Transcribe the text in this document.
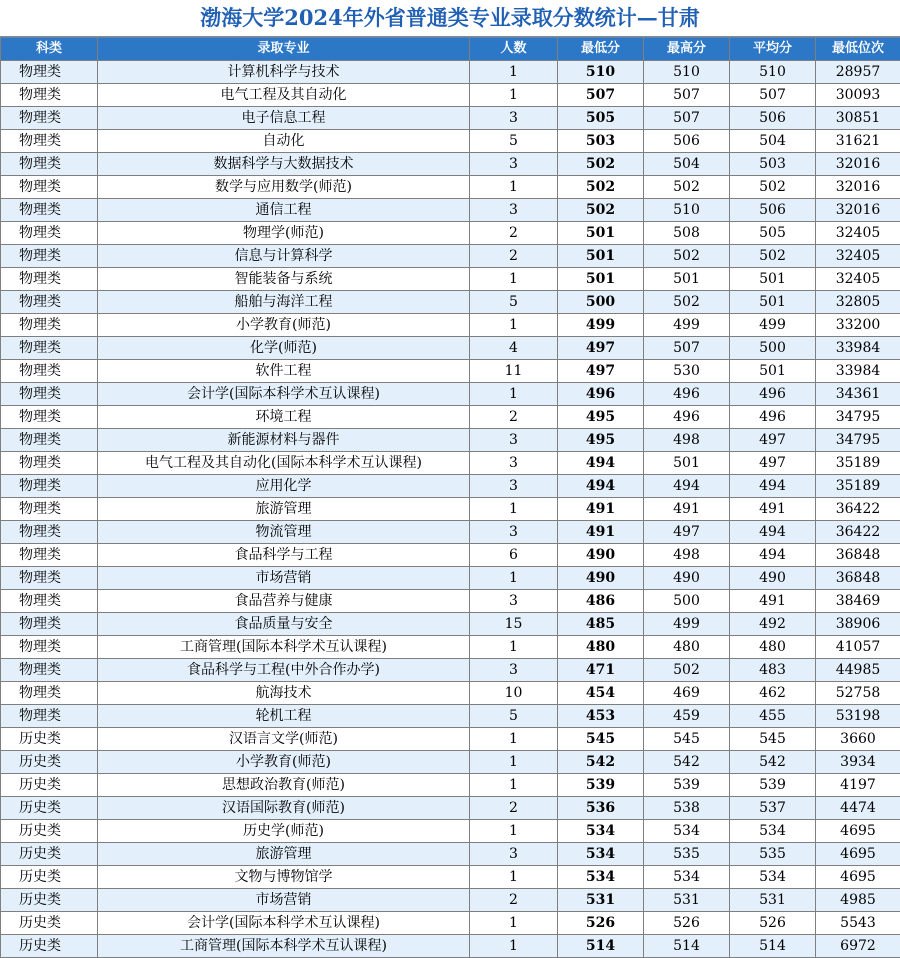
渤海大学2024年外省普通类专业录取分数统计—甘肃
科类	录取专业	人数	最低分	最高分	平均分	最低位次
物理类	计算机科学与技术	1	510	510	510	28957
物理类	电气工程及其自动化	1	507	507	507	30093
物理类	电子信息工程	3	505	507	506	30851
物理类	自动化	5	503	506	504	31621
物理类	数据科学与大数据技术	3	502	504	503	32016
物理类	数学与应用数学(师范)	1	502	502	502	32016
物理类	通信工程	3	502	510	506	32016
物理类	物理学(师范)	2	501	508	505	32405
物理类	信息与计算科学	2	501	502	502	32405
物理类	智能装备与系统	1	501	501	501	32405
物理类	船舶与海洋工程	5	500	502	501	32805
物理类	小学教育(师范)	1	499	499	499	33200
物理类	化学(师范)	4	497	507	500	33984
物理类	软件工程	11	497	530	501	33984
物理类	会计学(国际本科学术互认课程)	1	496	496	496	34361
物理类	环境工程	2	495	496	496	34795
物理类	新能源材料与器件	3	495	498	497	34795
物理类	电气工程及其自动化(国际本科学术互认课程)	3	494	501	497	35189
物理类	应用化学	3	494	494	494	35189
物理类	旅游管理	1	491	491	491	36422
物理类	物流管理	3	491	497	494	36422
物理类	食品科学与工程	6	490	498	494	36848
物理类	市场营销	1	490	490	490	36848
物理类	食品营养与健康	3	486	500	491	38469
物理类	食品质量与安全	15	485	499	492	38906
物理类	工商管理(国际本科学术互认课程)	1	480	480	480	41057
物理类	食品科学与工程(中外合作办学)	3	471	502	483	44985
物理类	航海技术	10	454	469	462	52758
物理类	轮机工程	5	453	459	455	53198
历史类	汉语言文学(师范)	1	545	545	545	3660
历史类	小学教育(师范)	1	542	542	542	3934
历史类	思想政治教育(师范)	1	539	539	539	4197
历史类	汉语国际教育(师范)	2	536	538	537	4474
历史类	历史学(师范)	1	534	534	534	4695
历史类	旅游管理	3	534	535	535	4695
历史类	文物与博物馆学	1	534	534	534	4695
历史类	市场营销	2	531	531	531	4985
历史类	会计学(国际本科学术互认课程)	1	526	526	526	5543
历史类	工商管理(国际本科学术互认课程)	1	514	514	514	6972
